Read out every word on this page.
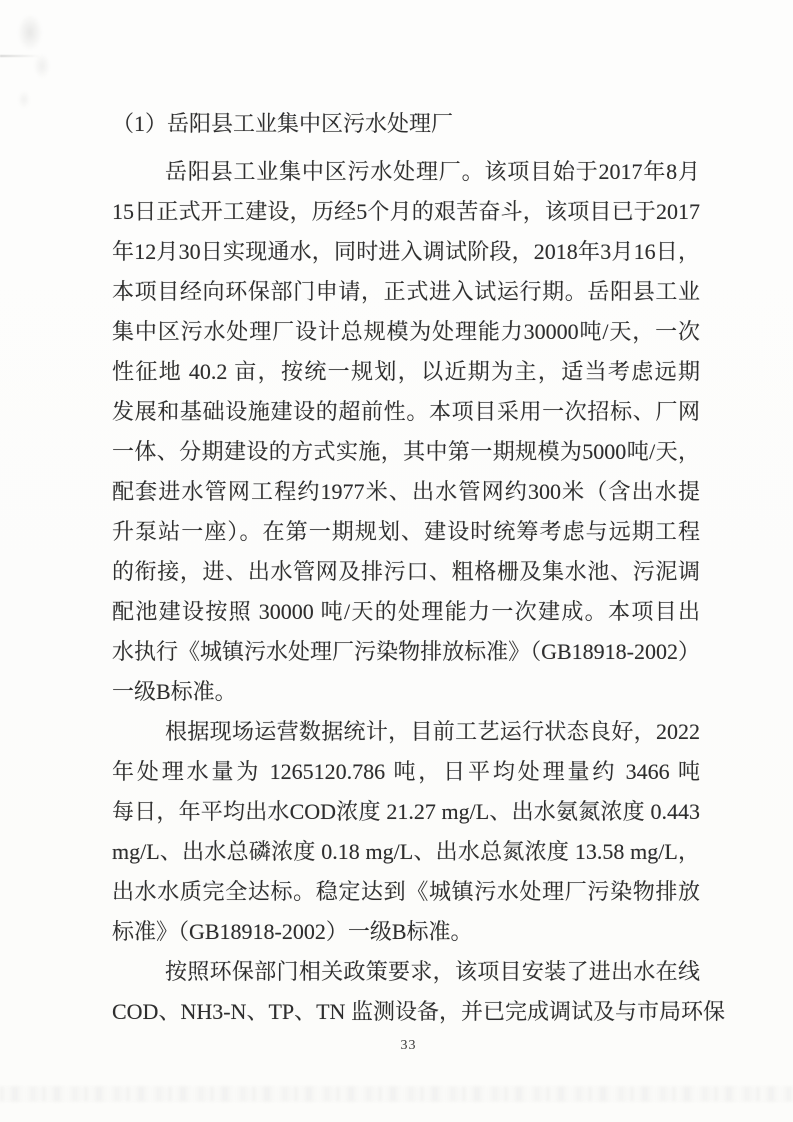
（1）岳阳县工业集中区污水处理厂
岳阳县工业集中区污水处理厂。该项目始于2017年8月
15日正式开工建设，历经5个月的艰苦奋斗，该项目已于2017
年12月30日实现通水，同时进入调试阶段，2018年3月16日，
本项目经向环保部门申请，正式进入试运行期。岳阳县工业
集中区污水处理厂设计总规模为处理能力30000吨/天，一次
性征地 40.2 亩，按统一规划，以近期为主，适当考虑远期
发展和基础设施建设的超前性。本项目采用一次招标、厂网
一体、分期建设的方式实施，其中第一期规模为5000吨/天，
配套进水管网工程约1977米、出水管网约300米（含出水提
升泵站一座）。在第一期规划、建设时统筹考虑与远期工程
的衔接，进、出水管网及排污口、粗格栅及集水池、污泥调
配池建设按照 30000 吨/天的处理能力一次建成。本项目出
水执行《城镇污水处理厂污染物排放标准》（GB18918-2002）
一级B标准。
根据现场运营数据统计，目前工艺运行状态良好，2022
年处理水量为 1265120.786 吨，日平均处理量约 3466 吨
每日，年平均出水COD浓度 21.27 mg/L、出水氨氮浓度 0.443
mg/L、出水总磷浓度 0.18 mg/L、出水总氮浓度 13.58 mg/L，
出水水质完全达标。稳定达到《城镇污水处理厂污染物排放
标准》（GB18918-2002）一级B标准。
按照环保部门相关政策要求，该项目安装了进出水在线
COD、NH3-N、TP、TN 监测设备，并已完成调试及与市局环保
33
